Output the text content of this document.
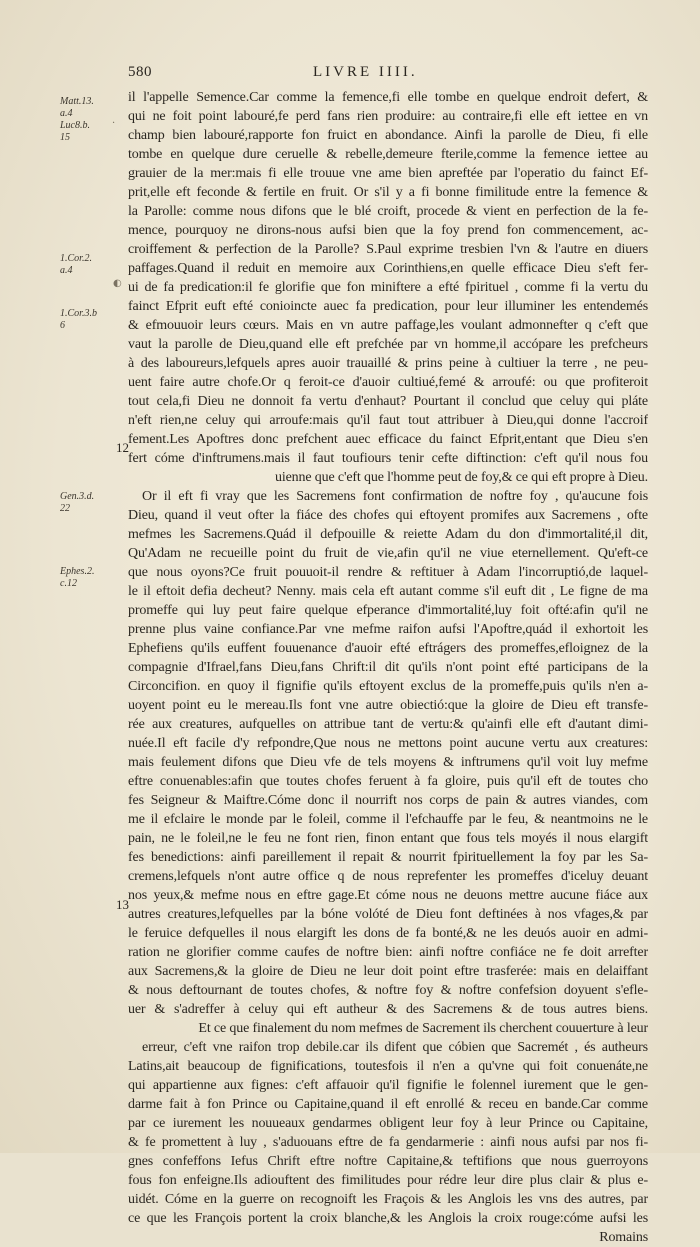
580	LIVRE IIII.
Matt.13.
a.4
Luc8.b.
15
1.Cor.2.
a.4
1.Cor.3.b
6
Gen.3.d.
22
Ephes.2.
c.12
12
13
il l'appelle Semence.Car comme la femence,fi elle tombe en quelque endroit defert, &
qui ne foit point labouré,fe perd fans rien produire: au contraire,fi elle eft iettee en vn
champ bien labouré,rapporte fon fruict en abondance. Ainfi la parolle de Dieu, fi elle
tombe en quelque dure ceruelle & rebelle,demeure fterile,comme la femence iettee au
grauier de la mer:mais fi elle trouue vne ame bien apreftée par l'operatio du fainct Ef-
prit,elle eft feconde & fertile en fruit. Or s'il y a fi bonne fimilitude entre la femence &
la Parolle: comme nous difons que le blé croift, procede & vient en perfection de la fe-
mence, pourquoy ne dirons-nous aufsi bien que la foy prend fon commencement, ac-
croiffement & perfection de la Parolle? S.Paul exprime tresbien l'vn & l'autre en diuers
paffages.Quand il reduit en memoire aux Corinthiens,en quelle efficace Dieu s'eft fer-
ui de fa predication:il fe glorifie que fon miniftere a efté fpirituel , comme fi la vertu du
fainct Efprit euft efté conioincte auec fa predication, pour leur illuminer les entendemés
& efmouuoir leurs cœurs. Mais en vn autre paffage,les voulant admonnefter q c'eft que
vaut la parolle de Dieu,quand elle eft prefchée par vn homme,il accópare les prefcheurs
à des laboureurs,lefquels apres auoir trauaillé & prins peine à cultiuer la terre , ne peu-
uent faire autre chofe.Or q feroit-ce d'auoir cultiué,femé & arroufé: ou que profiteroit
tout cela,fi Dieu ne donnoit fa vertu d'enhaut? Pourtant il conclud que celuy qui pláte
n'eft rien,ne celuy qui arroufe:mais qu'il faut tout attribuer à Dieu,qui donne l'accroif
fement.Les Apoftres donc prefchent auec efficace du fainct Efprit,entant que Dieu s'en
fert cóme d'inftrumens.mais il faut toufiours tenir cefte diftinction: c'eft qu'il nous fou
uienne que c'eft que l'homme peut de foy,& ce qui eft propre à Dieu.
Or il eft fi vray que les Sacremens font confirmation de noftre foy , qu'aucune fois
Dieu, quand il veut ofter la fiáce des chofes qui eftoyent promifes aux Sacremens , ofte
mefmes les Sacremens.Quád il defpouille & reiette Adam du don d'immortalité,il dit,
Qu'Adam ne recueille point du fruit de vie,afin qu'il ne viue eternellement. Qu'eft-ce
que nous oyons?Ce fruit pouuoit-il rendre & reftituer à Adam l'incorruptió,de laquel-
le il eftoit defia decheut? Nenny. mais cela eft autant comme s'il euft dit , Le figne de ma
promeffe qui luy peut faire quelque efperance d'immortalité,luy foit ofté:afin qu'il ne
prenne plus vaine confiance.Par vne mefme raifon aufsi l'Apoftre,quád il exhortoit les
Ephefiens qu'ils euffent fouuenance d'auoir efté eftrágers des promeffes,efloignez de la
compagnie d'Ifrael,fans Dieu,fans Chrift:il dit qu'ils n'ont point efté participans de la
Circoncifion. en quoy il fignifie qu'ils eftoyent exclus de la promeffe,puis qu'ils n'en a-
uoyent point eu le mereau.Ils font vne autre obiectió:que la gloire de Dieu eft transfe-
rée aux creatures, aufquelles on attribue tant de vertu:& qu'ainfi elle eft d'autant dimi-
nuée.Il eft facile d'y refpondre,Que nous ne mettons point aucune vertu aux creatures:
mais feulement difons que Dieu vfe de tels moyens & inftrumens qu'il voit luy mefme
eftre conuenables:afin que toutes chofes feruent à fa gloire, puis qu'il eft de toutes cho
fes Seigneur & Maiftre.Cóme donc il nourrift nos corps de pain & autres viandes, com
me il efclaire le monde par le foleil, comme il l'efchauffe par le feu, & neantmoins ne le
pain, ne le foleil,ne le feu ne font rien, finon entant que fous tels moyés il nous elargift
fes benedictions: ainfi pareillement il repait & nourrit fpirituellement la foy par les Sa-
cremens,lefquels n'ont autre office q de nous reprefenter les promeffes d'iceluy deuant
nos yeux,& mefme nous en eftre gage.Et cóme nous ne deuons mettre aucune fiáce aux
autres creatures,lefquelles par la bóne volóté de Dieu font deftinées à nos vfages,& par
le feruice defquelles il nous elargift les dons de fa bonté,& ne les deuós auoir en admi-
ration ne glorifier comme caufes de noftre bien: ainfi noftre confiáce ne fe doit arrefter
aux Sacremens,& la gloire de Dieu ne leur doit point eftre trasferée: mais en delaiffant
& nous deftournant de toutes chofes, & noftre foy & noftre confefsion doyuent s'efle-
uer & s'adreffer à celuy qui eft autheur & des Sacremens & de tous autres biens.
Et ce que finalement du nom mefmes de Sacrement ils cherchent couuerture à leur
erreur, c'eft vne raifon trop debile.car ils difent que cóbien que Sacremét , és autheurs
Latins,ait beaucoup de fignifications, toutesfois il n'en a qu'vne qui foit conuenáte,ne
qui appartienne aux fignes: c'eft affauoir qu'il fignifie le folennel iurement que le gen-
darme fait à fon Prince ou Capitaine,quand il eft enrollé & receu en bande.Car comme
par ce iurement les nouueaux gendarmes obligent leur foy à leur Prince ou Capitaine,
& fe promettent à luy , s'aduouans eftre de fa gendarmerie : ainfi nous aufsi par nos fi-
gnes confeffons Iefus Chrift eftre noftre Capitaine,& teftifions que nous guerroyons
fous fon enfeigne.Ils adiouftent des fimilitudes pour rédre leur dire plus clair & plus e-
uidét. Cóme en la guerre on recognoift les Fraçois & les Anglois les vns des autres, par
ce que les François portent la croix blanche,& les Anglois la croix rouge:cóme aufsi les
Romains
◐
·
